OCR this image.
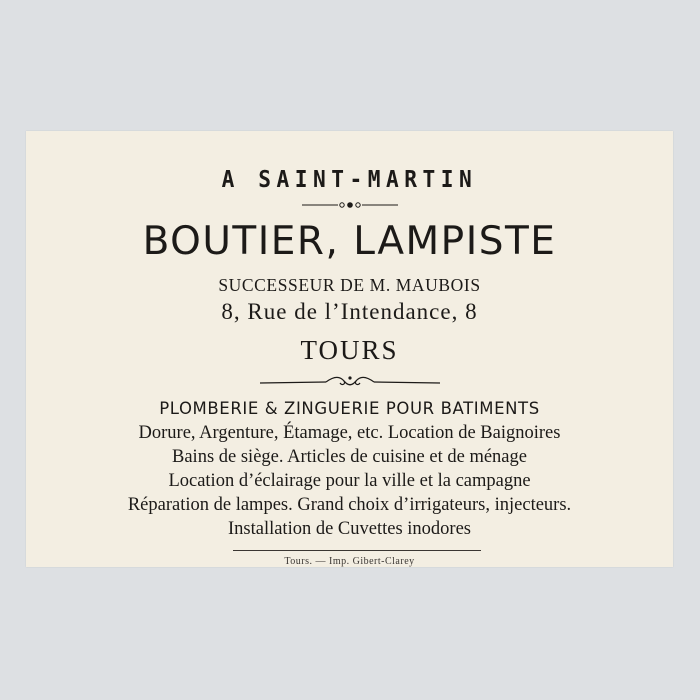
A SAINT-MARTIN
BOUTIER, LAMPISTE
SUCCESSEUR DE M. MAUBOIS
8, Rue de l’Intendance, 8
TOURS
PLOMBERIE & ZINGUERIE POUR BATIMENTS
Dorure, Argenture, Étamage, etc. Location de Baignoires
Bains de siège. Articles de cuisine et de ménage
Location d’éclairage pour la ville et la campagne
Réparation de lampes. Grand choix d’irrigateurs, injecteurs.
Installation de Cuvettes inodores
Tours. — Imp. Gibert-Clarey
